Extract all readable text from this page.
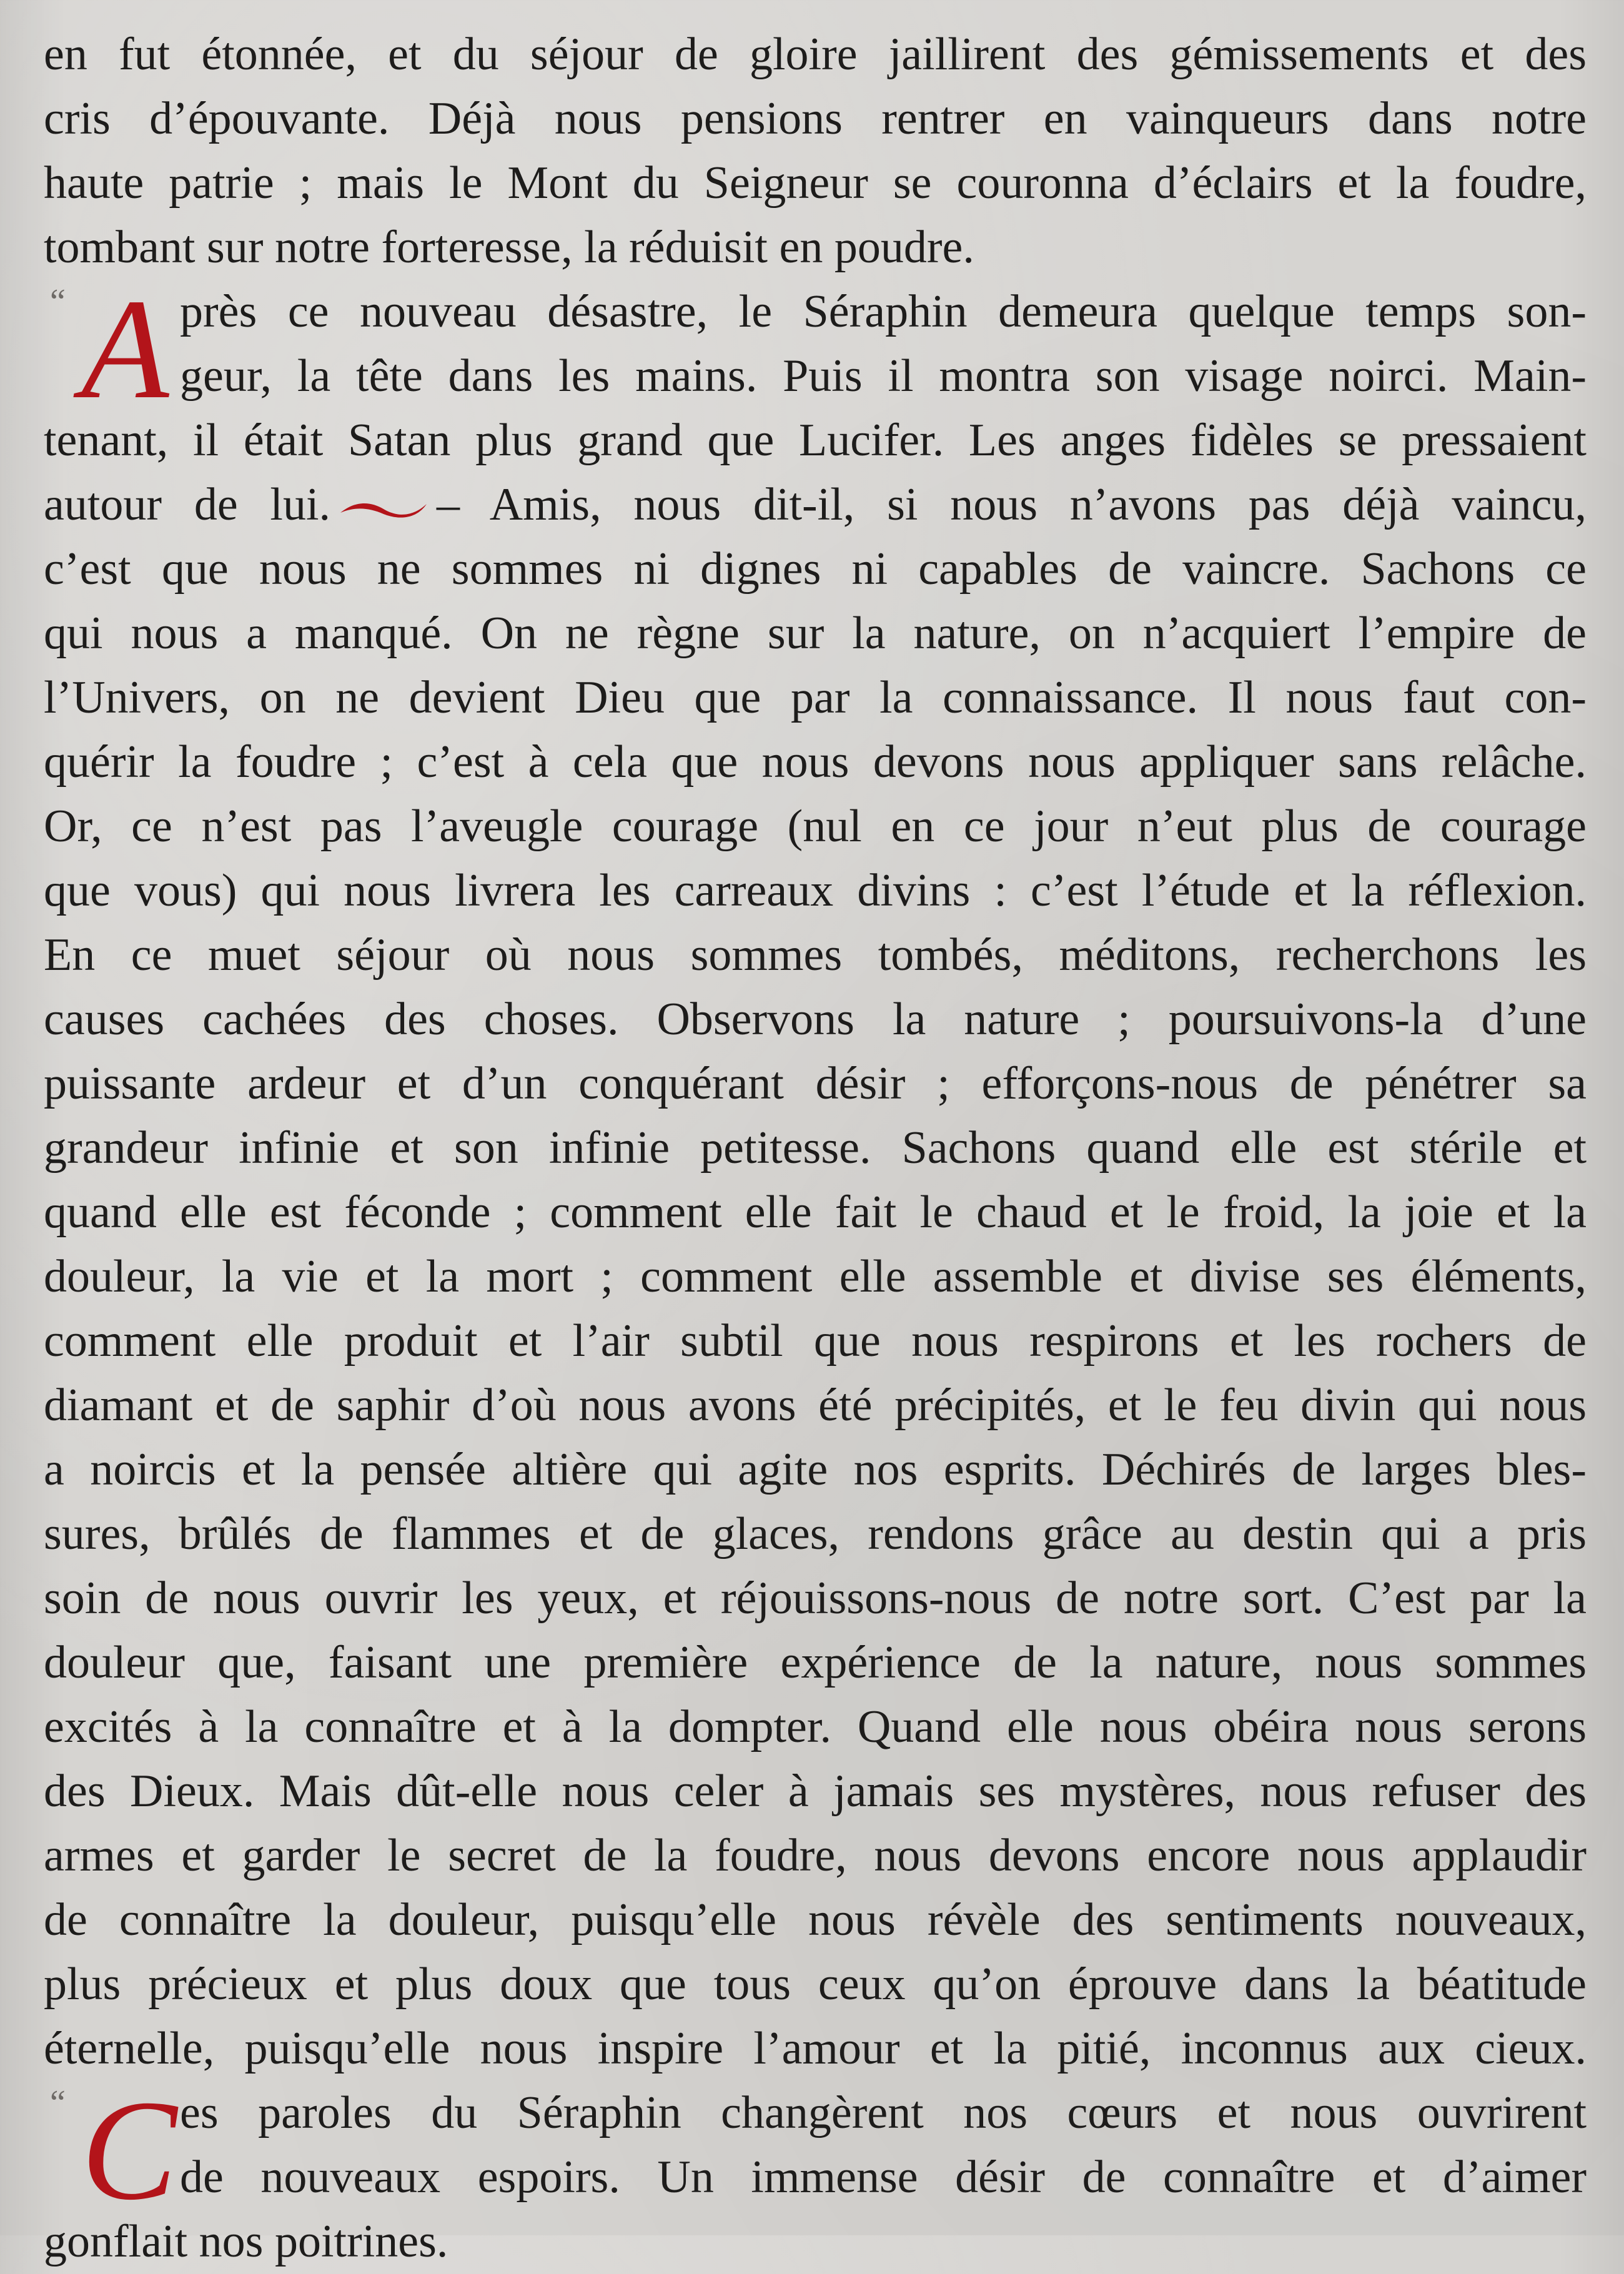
en fut étonnée, et du séjour de gloire jaillirent des gémissements et des
cris d’épouvante. Déjà nous pensions rentrer en vainqueurs dans notre
haute patrie ; mais le Mont du Seigneur se couronna d’éclairs et la foudre,
tombant sur notre forteresse, la réduisit en poudre.

“ A près ce nouveau désastre, le Séraphin demeura quelque temps son-
geur, la tête dans les mains. Puis il montra son visage noirci. Main-
tenant, il était Satan plus grand que Lucifer. Les anges fidèles se pressaient
autour de lui. – Amis, nous dit-il, si nous n’avons pas déjà vaincu,
c’est que nous ne sommes ni dignes ni capables de vaincre. Sachons ce
qui nous a manqué. On ne règne sur la nature, on n’acquiert l’empire de
l’Univers, on ne devient Dieu que par la connaissance. Il nous faut con-
quérir la foudre ; c’est à cela que nous devons nous appliquer sans relâche.
Or, ce n’est pas l’aveugle courage (nul en ce jour n’eut plus de courage
que vous) qui nous livrera les carreaux divins : c’est l’étude et la réflexion.
En ce muet séjour où nous sommes tombés, méditons, recherchons les
causes cachées des choses. Observons la nature ; poursuivons-la d’une
puissante ardeur et d’un conquérant désir ; efforçons-nous de pénétrer sa
grandeur infinie et son infinie petitesse. Sachons quand elle est stérile et
quand elle est féconde ; comment elle fait le chaud et le froid, la joie et la
douleur, la vie et la mort ; comment elle assemble et divise ses éléments,
comment elle produit et l’air subtil que nous respirons et les rochers de
diamant et de saphir d’où nous avons été précipités, et le feu divin qui nous
a noircis et la pensée altière qui agite nos esprits. Déchirés de larges bles-
sures, brûlés de flammes et de glaces, rendons grâce au destin qui a pris
soin de nous ouvrir les yeux, et réjouissons-nous de notre sort. C’est par la
douleur que, faisant une première expérience de la nature, nous sommes
excités à la connaître et à la dompter. Quand elle nous obéira nous serons
des Dieux. Mais dût-elle nous celer à jamais ses mystères, nous refuser des
armes et garder le secret de la foudre, nous devons encore nous applaudir
de connaître la douleur, puisqu’elle nous révèle des sentiments nouveaux,
plus précieux et plus doux que tous ceux qu’on éprouve dans la béatitude
éternelle, puisqu’elle nous inspire l’amour et la pitié, inconnus aux cieux.

“ C es paroles du Séraphin changèrent nos cœurs et nous ouvrirent
de nouveaux espoirs. Un immense désir de connaître et d’aimer
gonflait nos poitrines.
